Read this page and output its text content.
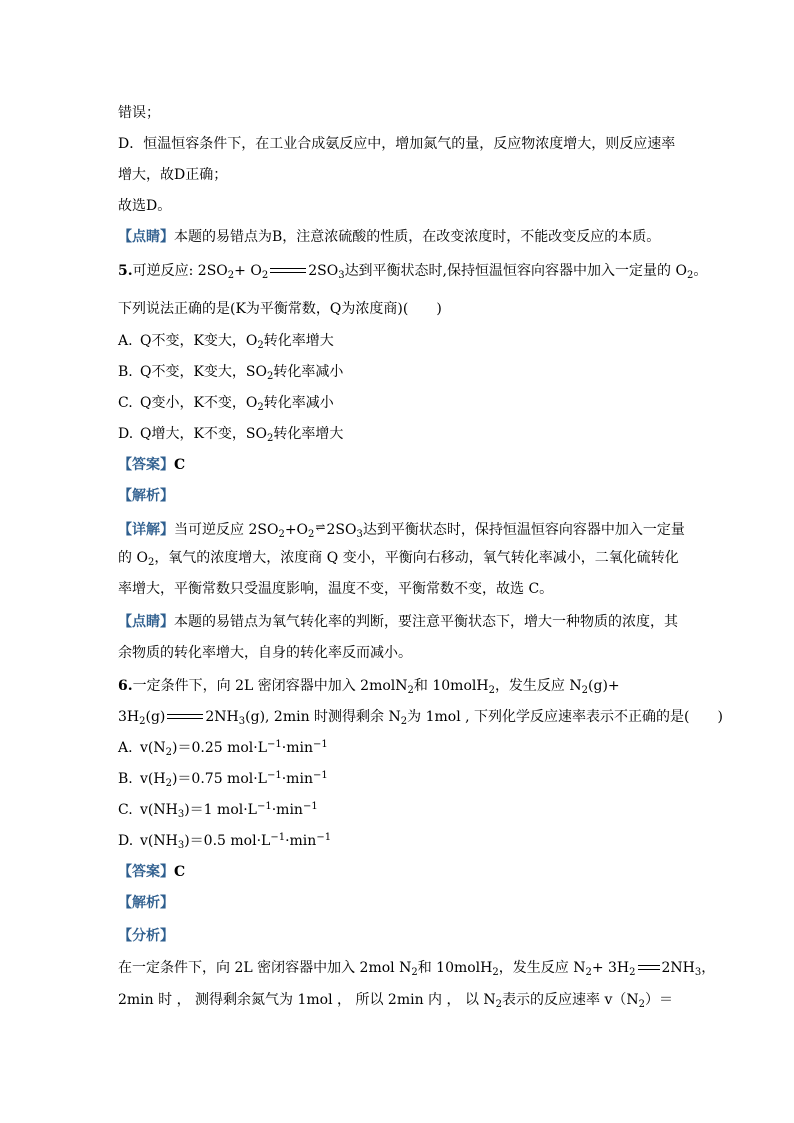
错误；
D．恒温恒容条件下，在工业合成氨反应中，增加氮气的量，反应物浓度增大，则反应速率
增大，故D正确；
故选D。
【点睛】本题的易错点为B，注意浓硫酸的性质，在改变浓度时，不能改变反应的本质。
5.可逆反应: $2SO_2+ O_2$	$2SO_3$达到平衡状态时,保持恒温恒容向容器中加入一定量的 $O_2$。
下列说法正确的是(K为平衡常数，Q为浓度商)(　　)
A. Q不变，K变大，$O_2$转化率增大
B. Q不变，K变大，$SO_2$转化率减小
C. Q变小，K不变，$O_2$转化率减小
D. Q增大，K不变，$SO_2$转化率增大
【答案】C
【解析】
【详解】当可逆反应 $2SO_2+O_2\rightleftharpoons 2SO_3$达到平衡状态时，保持恒温恒容向容器中加入一定量
的 $O_2$，氧气的浓度增大，浓度商 Q 变小，平衡向右移动，氧气转化率减小，二氧化硫转化
率增大，平衡常数只受温度影响，温度不变，平衡常数不变，故选 C。
【点睛】本题的易错点为氧气转化率的判断，要注意平衡状态下，增大一种物质的浓度，其
余物质的转化率增大，自身的转化率反而减小。
6.一定条件下，向 2L 密闭容器中加入 2molN$_2$和 10molH$_2$，发生反应 $N_2(g)+$
$3H_2(g)$	$2NH_3(g)$, 2min 时测得剩余 $N_2$为 1mol , 下列化学反应速率表示不正确的是(　　)
A. $v(N_2)=0.25$ $mol\cdot L^{-1}\cdot\min^{-1}$
B. $v(H_2)=0.75$ $mol\cdot L^{-1}\cdot\min^{-1}$
C. $v(NH_3)=1$ $mol\cdot L^{-1}\cdot\min^{-1}$
D. $v(NH_3)=0.5$ $mol\cdot L^{-1}\cdot\min^{-1}$
【答案】C
【解析】
【分析】
在一定条件下，向 2L 密闭容器中加入 2mol $N_2$和 10molH$_2$，发生反应 $N_2+ 3H_2$ $2NH_3$，
2min 时 ， 测得剩余氮气为 1mol ， 所以 2min 内 ， 以 $N_2$表示的反应速率 $v(N_2)=$
